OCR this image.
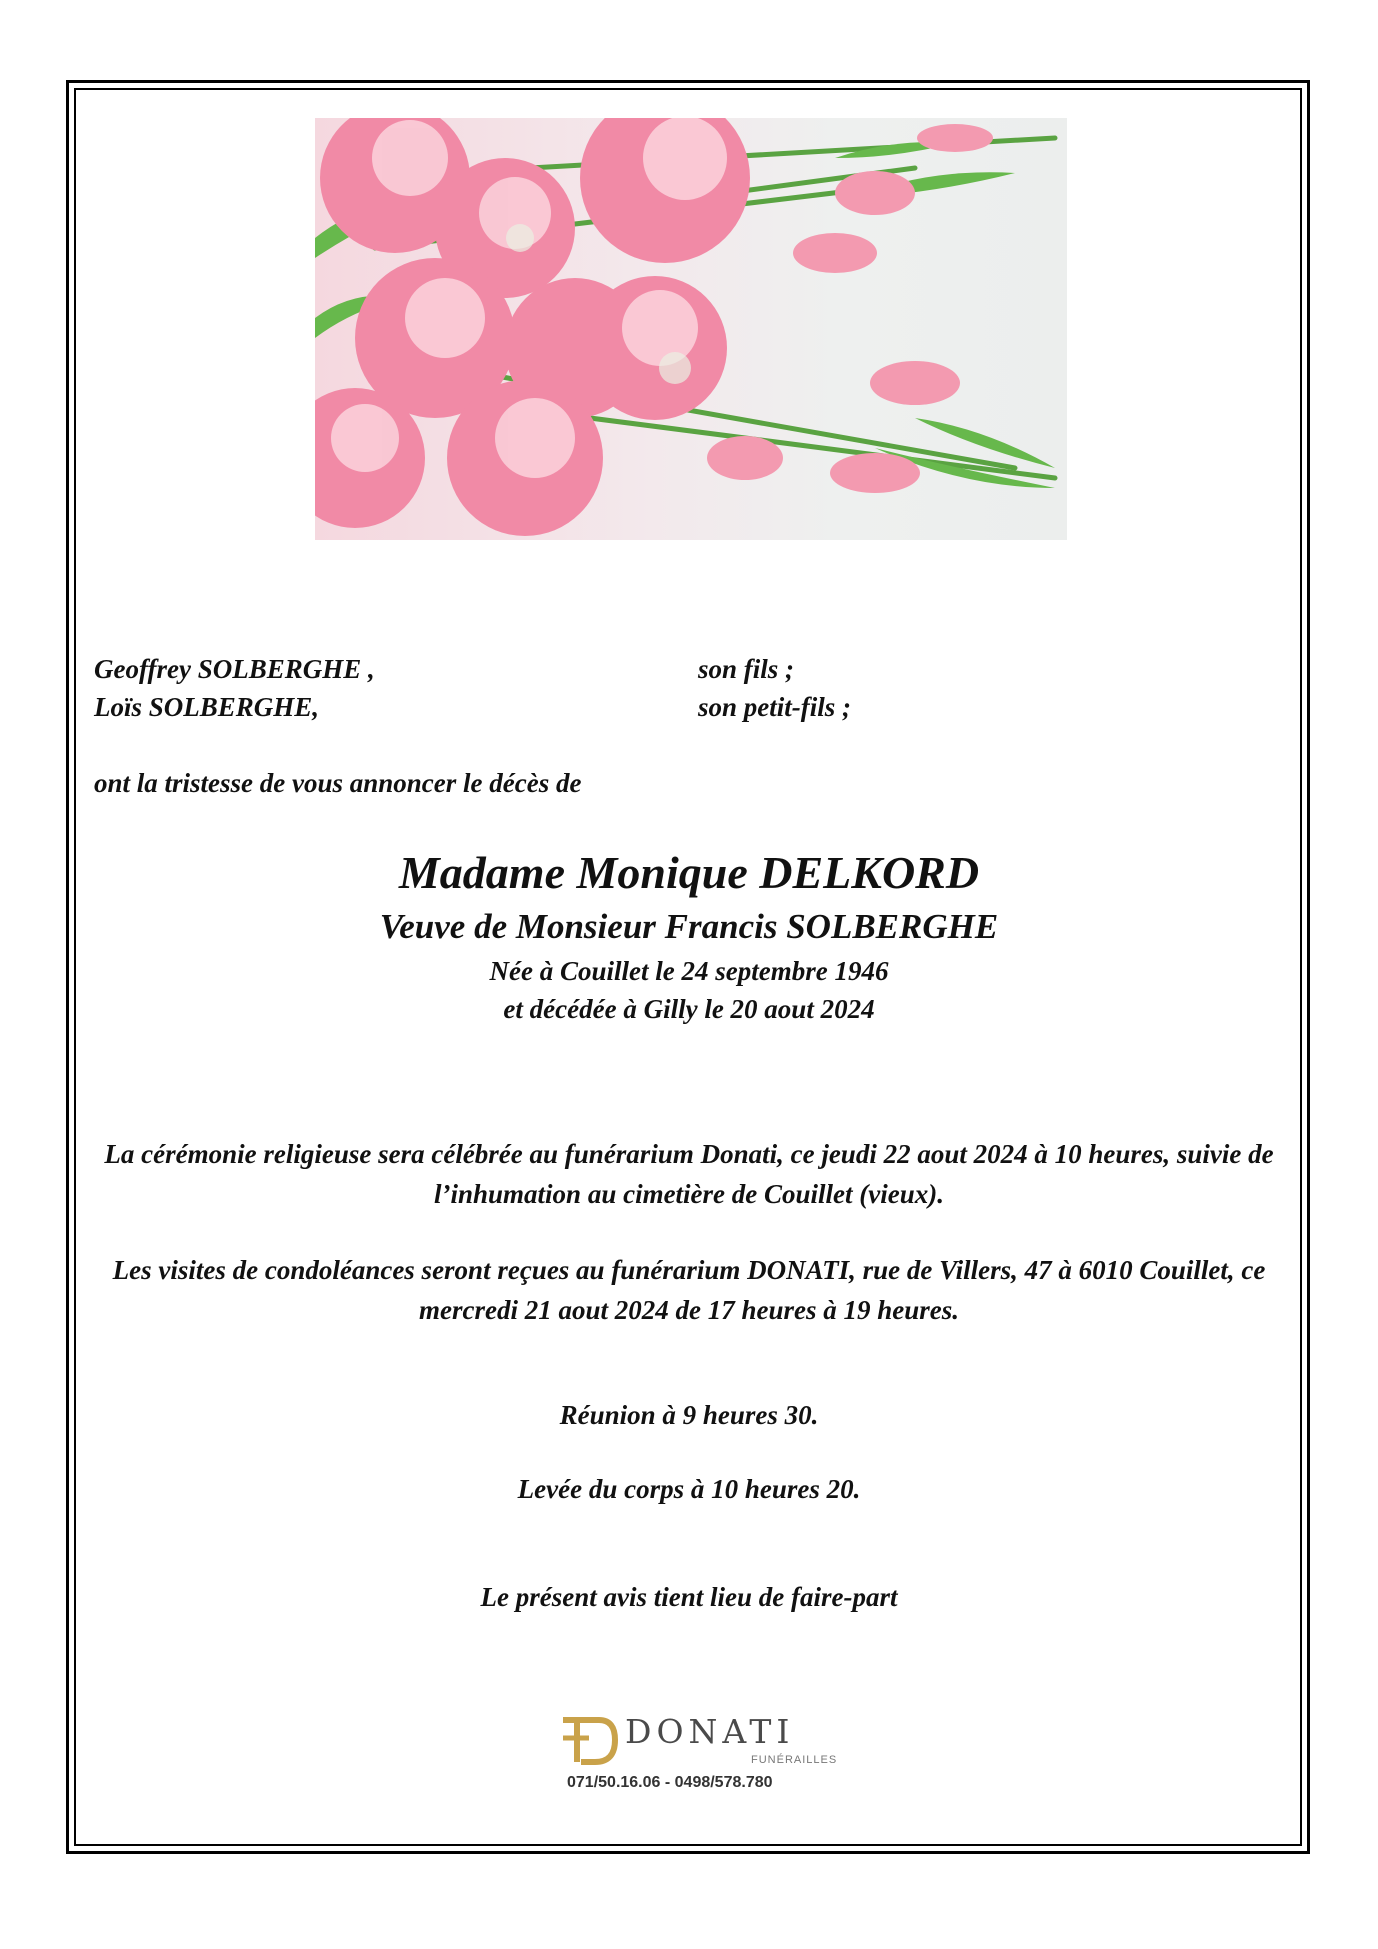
Geoffrey SOLBERGHE ,	son fils ;
Loïs SOLBERGHE,	son petit-fils ;
ont la tristesse de vous annoncer le décès de
Madame Monique DELKORD
Veuve de Monsieur Francis SOLBERGHE
Née à Couillet le 24 septembre 1946
et décédée à Gilly le 20 aout 2024
La cérémonie religieuse sera célébrée au funérarium Donati, ce jeudi 22 aout 2024 à 10 heures, suivie de l’inhumation au cimetière de Couillet (vieux).
Les visites de condoléances seront reçues au funérarium DONATI, rue de Villers, 47 à 6010 Couillet, ce mercredi 21 aout 2024 de 17 heures à 19 heures.
Réunion à 9 heures 30.
Levée du corps à 10 heures 20.
Le présent avis tient lieu de faire-part
DONATI
FUNÉRAILLES
071/50.16.06 - 0498/578.780
